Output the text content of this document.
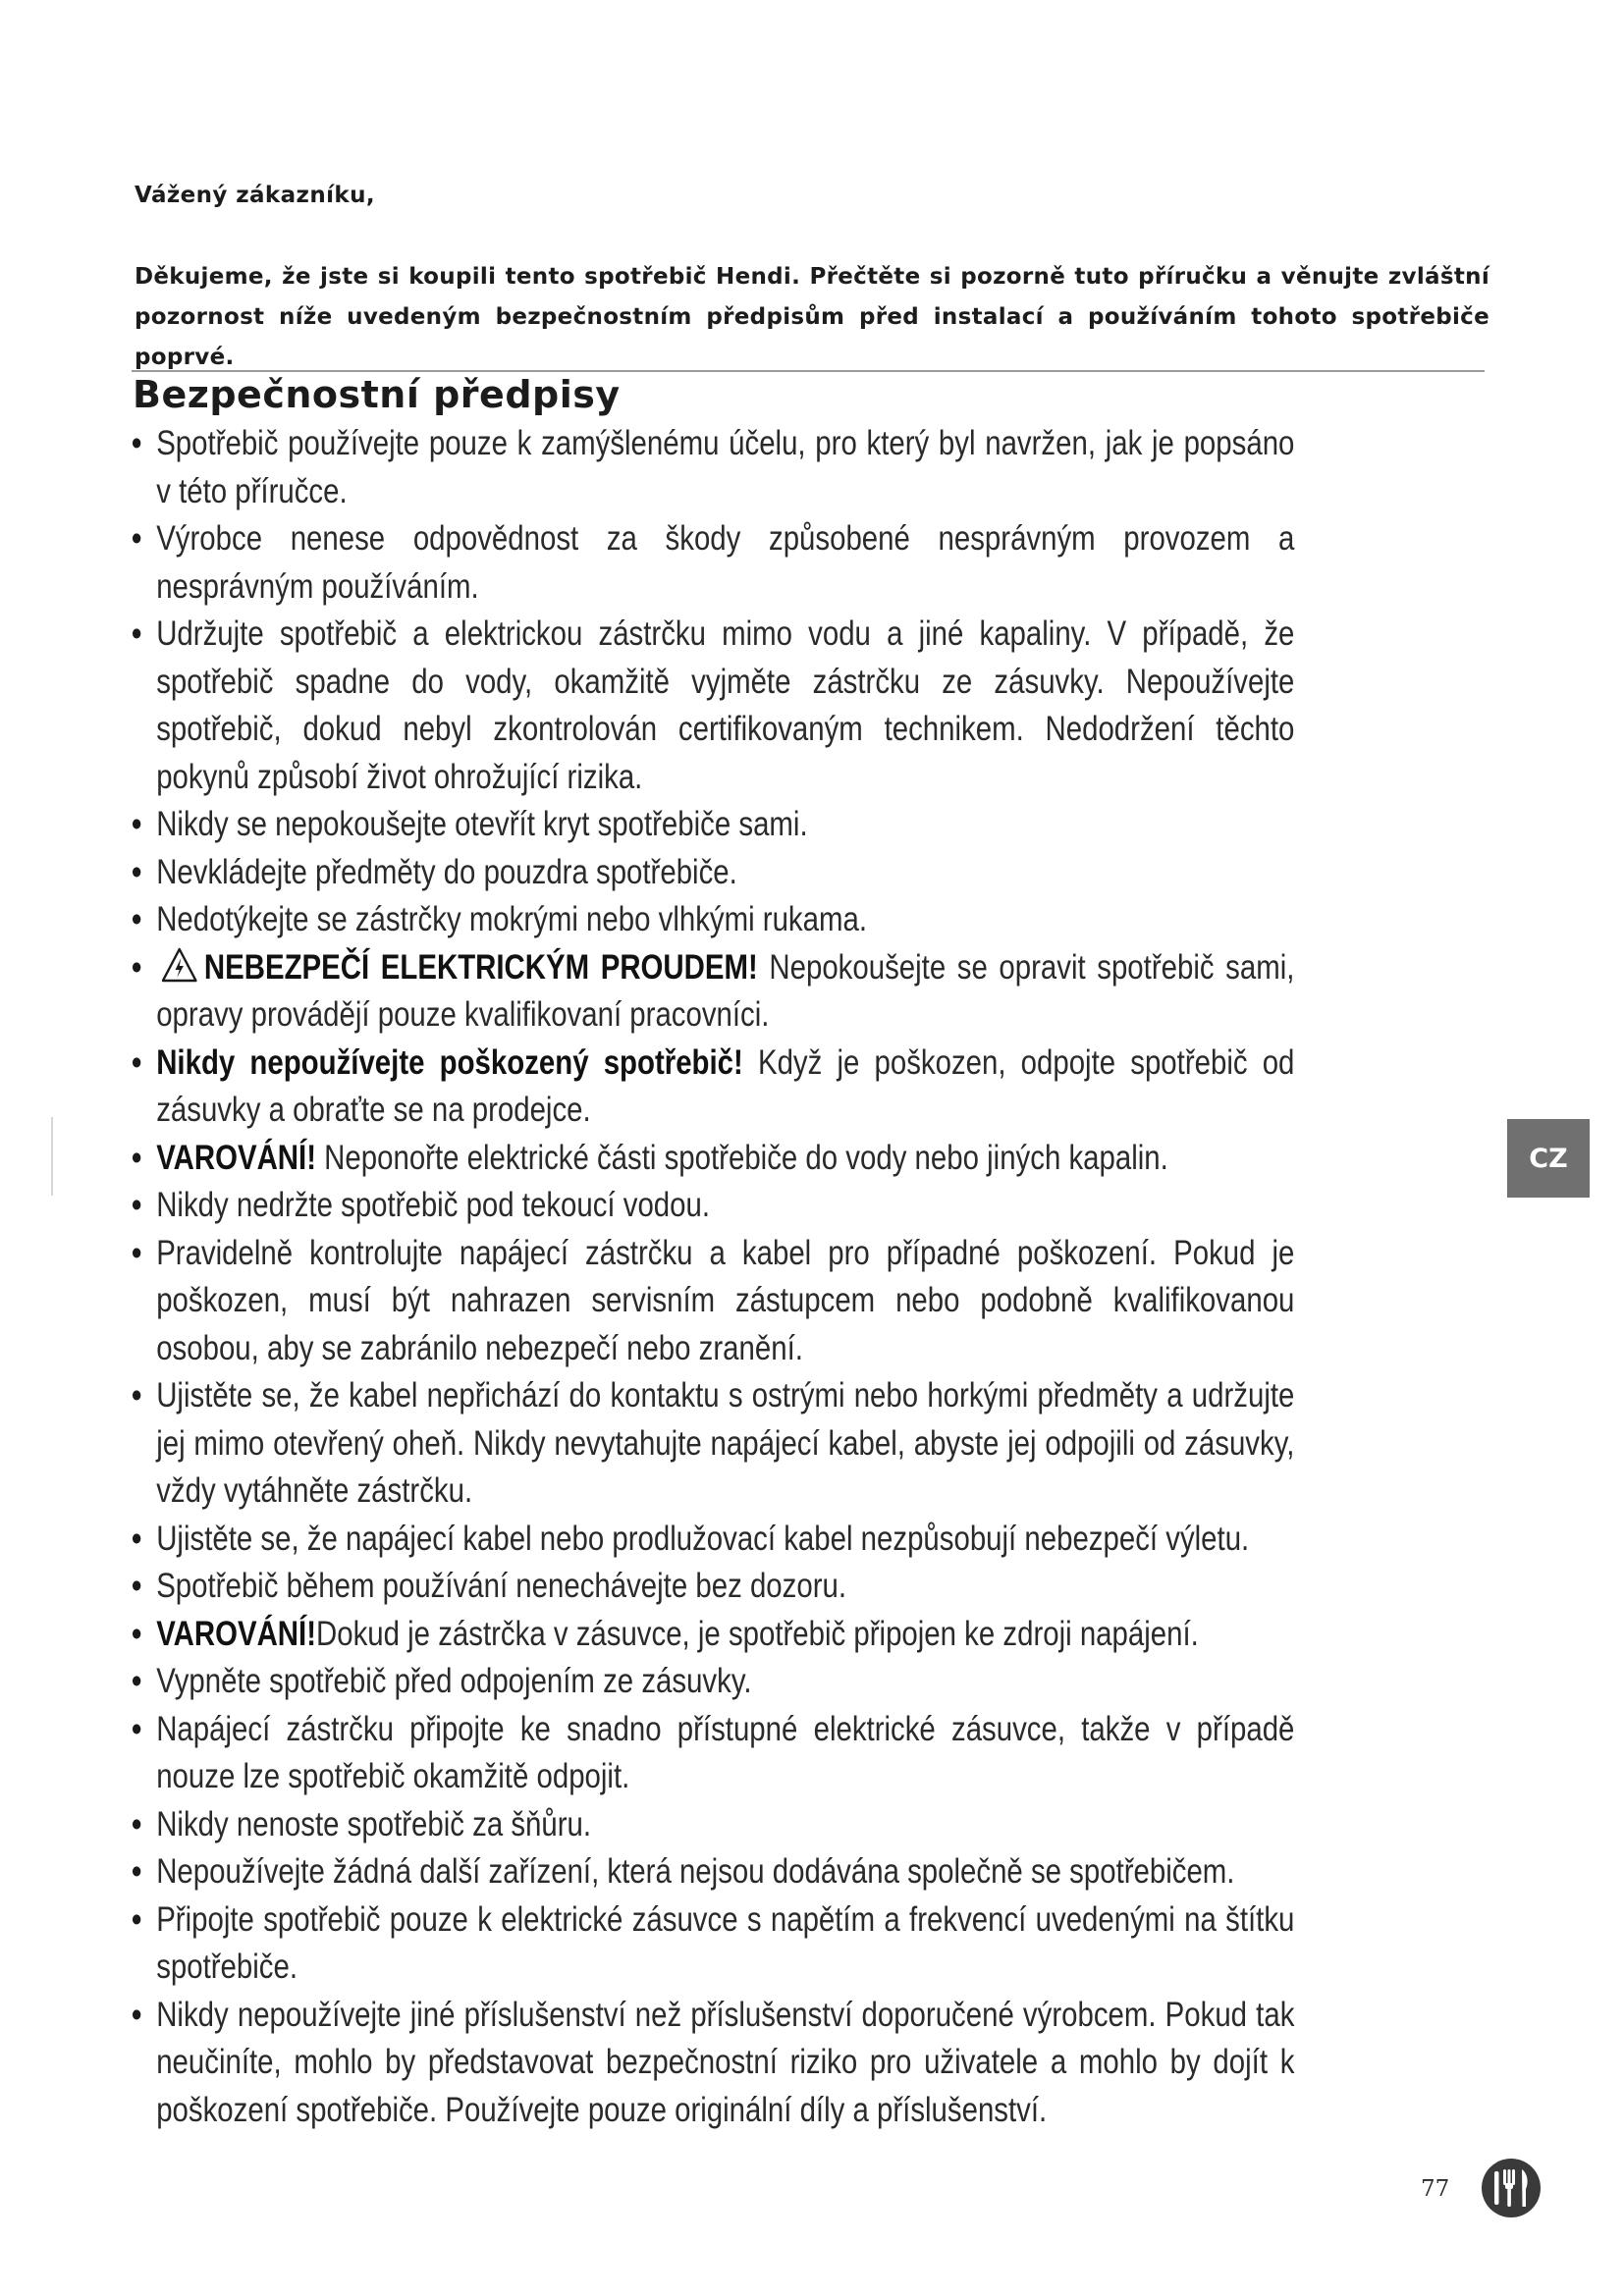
Vážený zákazníku,
Děkujeme, že jste si koupili tento spotřebič Hendi. Přečtěte si pozorně tuto příručku a věnujte zvláštní pozornost níže uvedeným bezpečnostním předpisům před instalací a používáním tohoto spotřebiče poprvé.
Bezpečnostní předpisy
• Spotřebič používejte pouze k zamýšlenému účelu, pro který byl navržen, jak je popsáno v této příručce.
• Výrobce nenese odpovědnost za škody způsobené nesprávným provozem a nesprávným používáním.
• Udržujte spotřebič a elektrickou zástrčku mimo vodu a jiné kapaliny. V případě, že spotřebič spadne do vody, okamžitě vyjměte zástrčku ze zásuvky. Nepoužívejte spotřebič, dokud nebyl zkontrolován certifikovaným technikem. Nedodržení těchto pokynů způsobí život ohrožující rizika.
• Nikdy se nepokoušejte otevřít kryt spotřebiče sami.
• Nevkládejte předměty do pouzdra spotřebiče.
• Nedotýkejte se zástrčky mokrými nebo vlhkými rukama.
•	NEBEZPEČÍ ELEKTRICKÝM PROUDEM! Nepokoušejte se opravit spotřebič sami, opravy provádějí pouze kvalifikovaní pracovníci.
• Nikdy nepoužívejte poškozený spotřebič! Když je poškozen, odpojte spotřebič od zásuvky a obraťte se na prodejce.
• VAROVÁNÍ! Neponořte elektrické části spotřebiče do vody nebo jiných kapalin.
• Nikdy nedržte spotřebič pod tekoucí vodou.
• Pravidelně kontrolujte napájecí zástrčku a kabel pro případné poškození. Pokud je poškozen, musí být nahrazen servisním zástupcem nebo podobně kvalifikovanou osobou, aby se zabránilo nebezpečí nebo zranění.
• Ujistěte se, že kabel nepřichází do kontaktu s ostrými nebo horkými předměty a udržujte jej mimo otevřený oheň. Nikdy nevytahujte napájecí kabel, abyste jej odpojili od zásuvky, vždy vytáhněte zástrčku.
• Ujistěte se, že napájecí kabel nebo prodlužovací kabel nezpůsobují nebezpečí výletu.
• Spotřebič během používání nenechávejte bez dozoru.
• VAROVÁNÍ!Dokud je zástrčka v zásuvce, je spotřebič připojen ke zdroji napájení.
• Vypněte spotřebič před odpojením ze zásuvky.
• Napájecí zástrčku připojte ke snadno přístupné elektrické zásuvce, takže v případě nouze lze spotřebič okamžitě odpojit.
• Nikdy nenoste spotřebič za šňůru.
• Nepoužívejte žádná další zařízení, která nejsou dodávána společně se spotřebičem.
• Připojte spotřebič pouze k elektrické zásuvce s napětím a frekvencí uvedenými na štítku spotřebiče.
• Nikdy nepoužívejte jiné příslušenství než příslušenství doporučené výrobcem. Pokud tak neučiníte, mohlo by představovat bezpečnostní riziko pro uživatele a mohlo by dojít k poškození spotřebiče. Používejte pouze originální díly a příslušenství.
CZ
77
